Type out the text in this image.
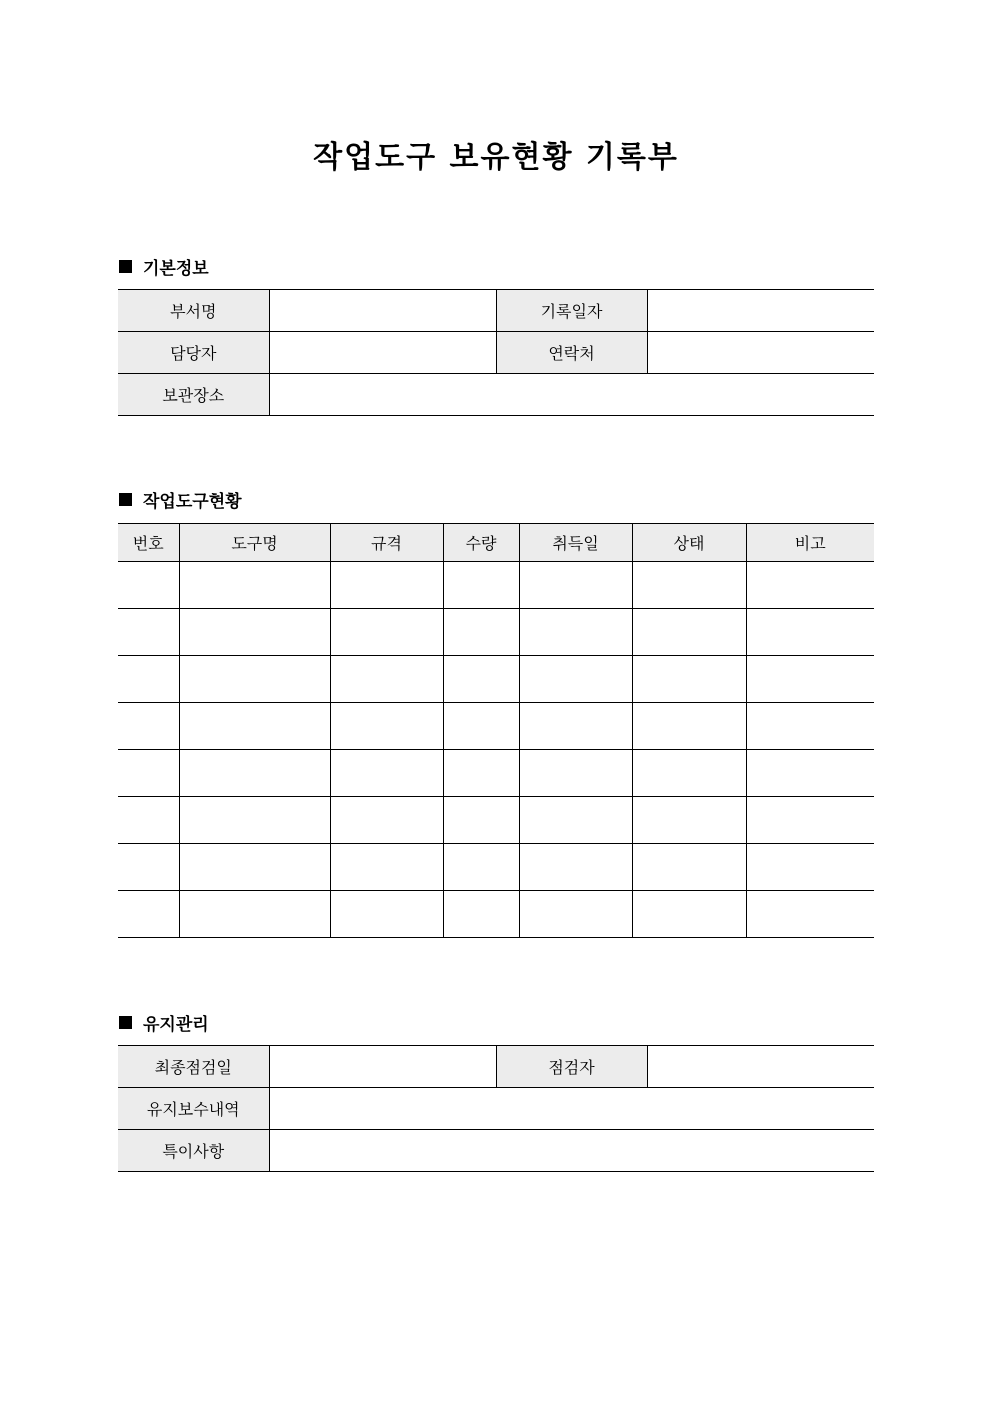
작업도구 보유현황 기록부
기본정보
부서명		기록일자	
담당자		연락처	
보관장소			
작업도구현황
번호	도구명	규격	수량	취득일	상태	비고

유지관리
최종점검일		점검자	
유지보수내역			
특이사항			
